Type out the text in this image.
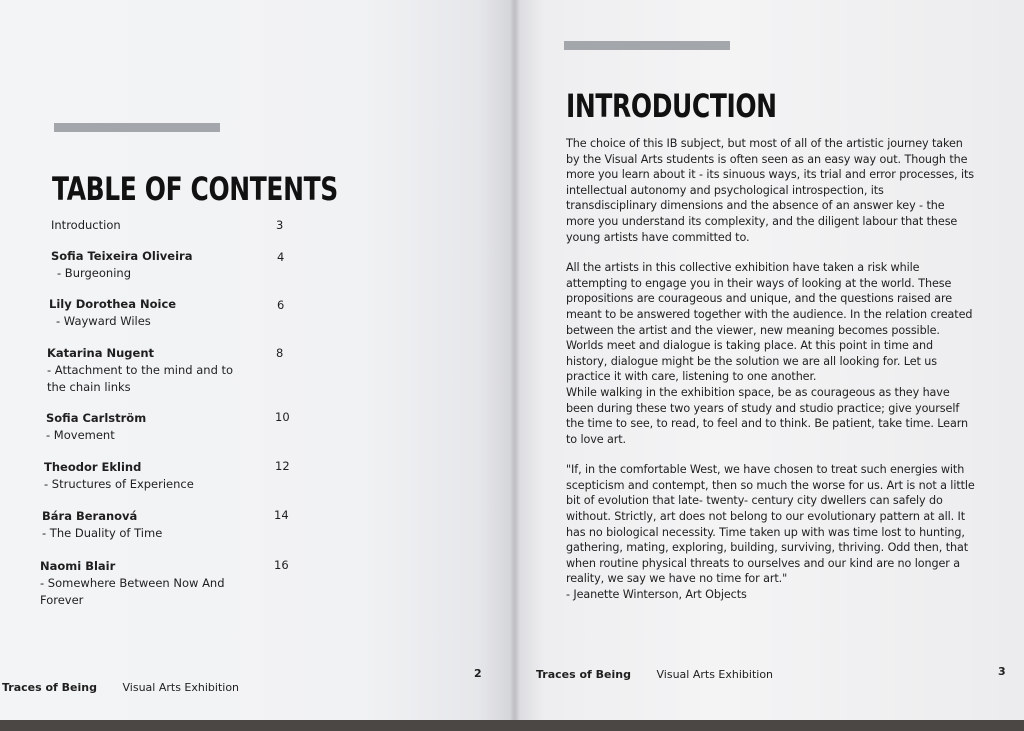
TABLE OF CONTENTS
Introduction	3
Sofia Teixeira Oliveira
- Burgeoning
4
Lily Dorothea Noice
- Wayward Wiles
6
Katarina Nugent
- Attachment to the mind and to the chain links
8
Sofia Carlström
- Movement
10
Theodor Eklind
- Structures of Experience
12
Bára Beranová
- The Duality of Time
14
Naomi Blair
- Somewhere Between Now And Forever
16
Traces of Being Visual Arts Exhibition
2
INTRODUCTION

The choice of this IB subject, but most of all of the artistic journey taken by the Visual Arts students is often seen as an easy way out. Though the more you learn about it - its sinuous ways, its trial and error processes, its intellectual autonomy and psychological introspection, its transdisciplinary dimensions and the absence of an answer key - the more you understand its complexity, and the diligent labour that these young artists have committed to.

All the artists in this collective exhibition have taken a risk while attempting to engage you in their ways of looking at the world. These propositions are courageous and unique, and the questions raised are meant to be answered together with the audience. In the relation created between the artist and the viewer, new meaning becomes possible. Worlds meet and dialogue is taking place. At this point in time and history, dialogue might be the solution we are all looking for. Let us practice it with care, listening to one another.

While walking in the exhibition space, be as courageous as they have been during these two years of study and studio practice; give yourself the time to see, to read, to feel and to think. Be patient, take time. Learn to love art.

"If, in the comfortable West, we have chosen to treat such energies with scepticism and contempt, then so much the worse for us. Art is not a little bit of evolution that late- twenty- century city dwellers can safely do without. Strictly, art does not belong to our evolutionary pattern at all. It has no biological necessity. Time taken up with was time lost to hunting, gathering, mating, exploring, building, surviving, thriving. Odd then, that when routine physical threats to ourselves and our kind are no longer a reality, we say we have no time for art."

- Jeanette Winterson, Art Objects

Traces of Being Visual Arts Exhibition	3
